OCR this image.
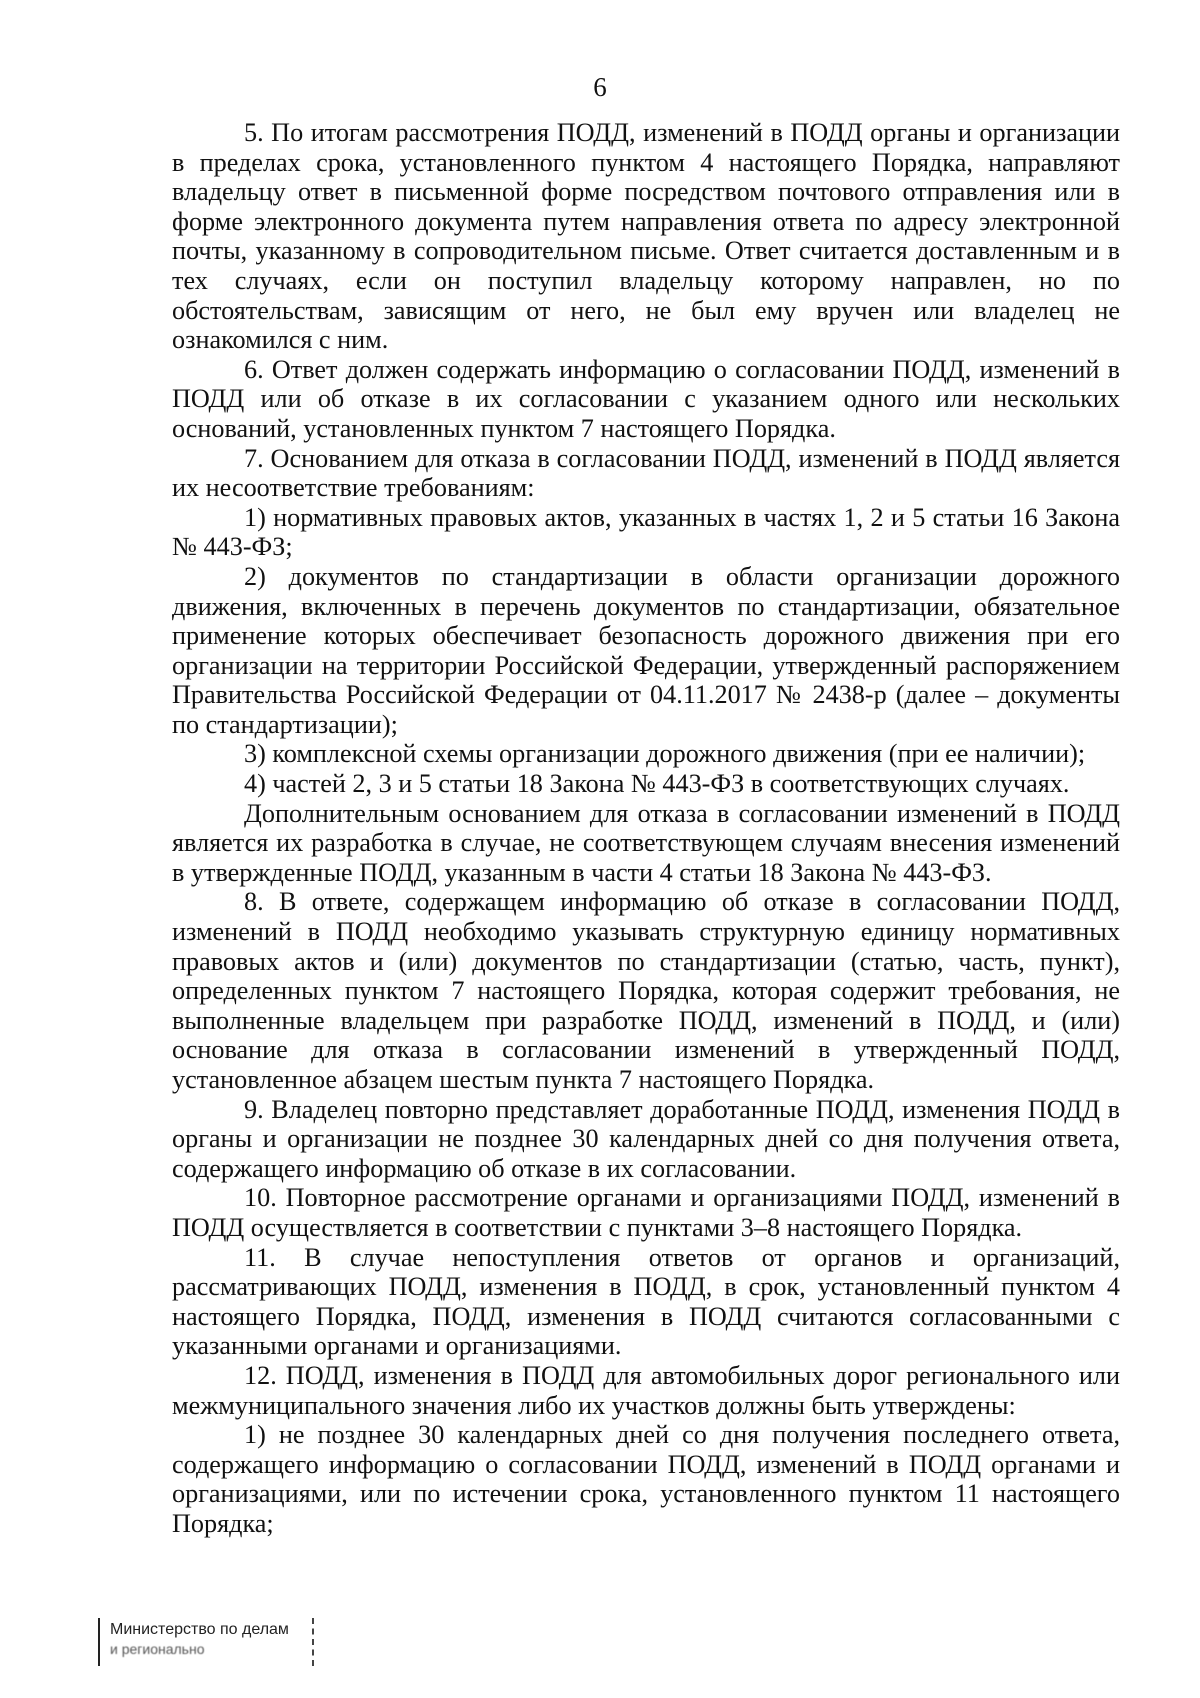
6

5. По итогам рассмотрения ПОДД, изменений в ПОДД органы и организации в пределах срока, установленного пунктом 4 настоящего Порядка, направляют владельцу ответ в письменной форме посредством почтового отправления или в форме электронного документа путем направления ответа по адресу электронной почты, указанному в сопроводительном письме. Ответ считается доставленным и в тех случаях, если он поступил владельцу которому направлен, но по обстоятельствам, зависящим от него, не был ему вручен или владелец не ознакомился с ним.

6. Ответ должен содержать информацию о согласовании ПОДД, изменений в ПОДД или об отказе в их согласовании с указанием одного или нескольких оснований, установленных пунктом 7 настоящего Порядка.

7. Основанием для отказа в согласовании ПОДД, изменений в ПОДД является их несоответствие требованиям:

1) нормативных правовых актов, указанных в частях 1, 2 и 5 статьи 16 Закона № 443-ФЗ;

2) документов по стандартизации в области организации дорожного движения, включенных в перечень документов по стандартизации, обязательное применение которых обеспечивает безопасность дорожного движения при его организации на территории Российской Федерации, утвержденный распоряжением Правительства Российской Федерации от 04.11.2017 № 2438-р (далее – документы по стандартизации);

3) комплексной схемы организации дорожного движения (при ее наличии);

4) частей 2, 3 и 5 статьи 18 Закона № 443-ФЗ в соответствующих случаях.

Дополнительным основанием для отказа в согласовании изменений в ПОДД является их разработка в случае, не соответствующем случаям внесения изменений в утвержденные ПОДД, указанным в части 4 статьи 18 Закона № 443-ФЗ.

8. В ответе, содержащем информацию об отказе в согласовании ПОДД, изменений в ПОДД необходимо указывать структурную единицу нормативных правовых актов и (или) документов по стандартизации (статью, часть, пункт), определенных пунктом 7 настоящего Порядка, которая содержит требования, не выполненные владельцем при разработке ПОДД, изменений в ПОДД, и (или) основание для отказа в согласовании изменений в утвержденный ПОДД, установленное абзацем шестым пункта 7 настоящего Порядка.

9. Владелец повторно представляет доработанные ПОДД, изменения ПОДД в органы и организации не позднее 30 календарных дней со дня получения ответа, содержащего информацию об отказе в их согласовании.

10. Повторное рассмотрение органами и организациями ПОДД, изменений в ПОДД осуществляется в соответствии с пунктами 3–8 настоящего Порядка.

11. В случае непоступления ответов от органов и организаций, рассматривающих ПОДД, изменения в ПОДД, в срок, установленный пунктом 4 настоящего Порядка, ПОДД, изменения в ПОДД считаются согласованными с указанными органами и организациями.

12. ПОДД, изменения в ПОДД для автомобильных дорог регионального или межмуниципального значения либо их участков должны быть утверждены:

1) не позднее 30 календарных дней со дня получения последнего ответа, содержащего информацию о согласовании ПОДД, изменений в ПОДД органами и организациями, или по истечении срока, установленного пунктом 11 настоящего Порядка;

Министерство по делам
и регионально
